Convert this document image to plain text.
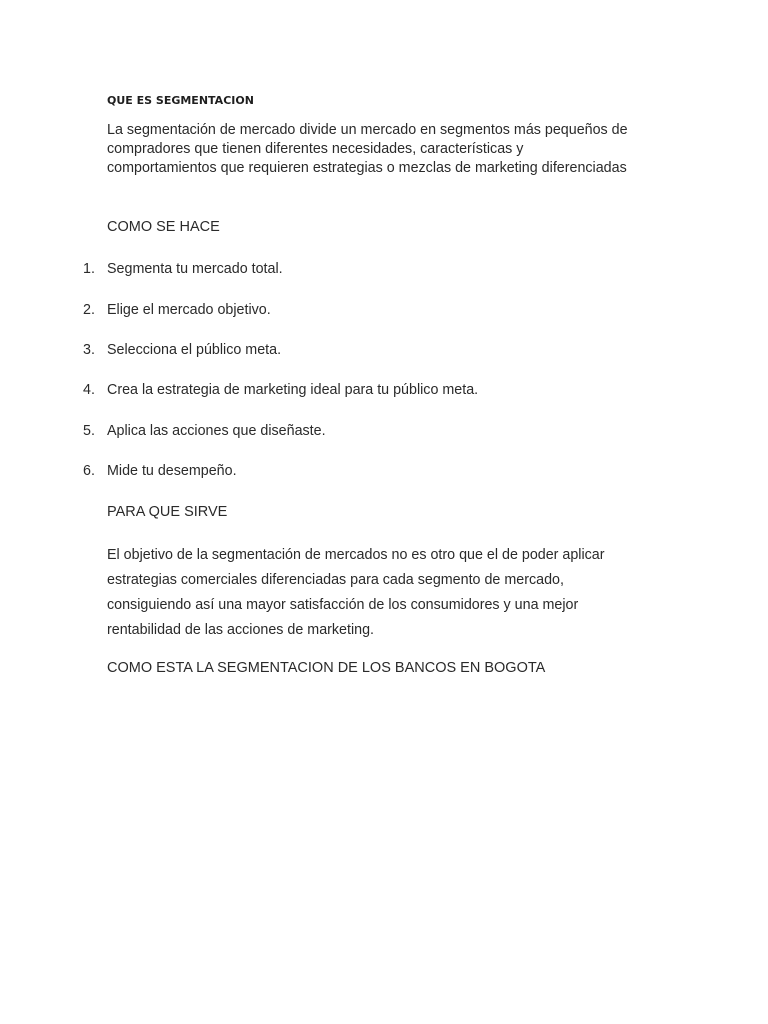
QUE ES SEGMENTACION
La segmentación de mercado divide un mercado en segmentos más pequeños de
compradores que tienen diferentes necesidades, características y
comportamientos que requieren estrategias o mezclas de marketing diferenciadas
COMO SE HACE
1. Segmenta tu mercado total.
2. Elige el mercado objetivo.
3. Selecciona el público meta.
4. Crea la estrategia de marketing ideal para tu público meta.
5. Aplica las acciones que diseñaste.
6. Mide tu desempeño.
PARA QUE SIRVE
El objetivo de la segmentación de mercados no es otro que el de poder aplicar
estrategias comerciales diferenciadas para cada segmento de mercado,
consiguiendo así una mayor satisfacción de los consumidores y una mejor
rentabilidad de las acciones de marketing.
COMO ESTA LA SEGMENTACION DE LOS BANCOS EN BOGOTA
